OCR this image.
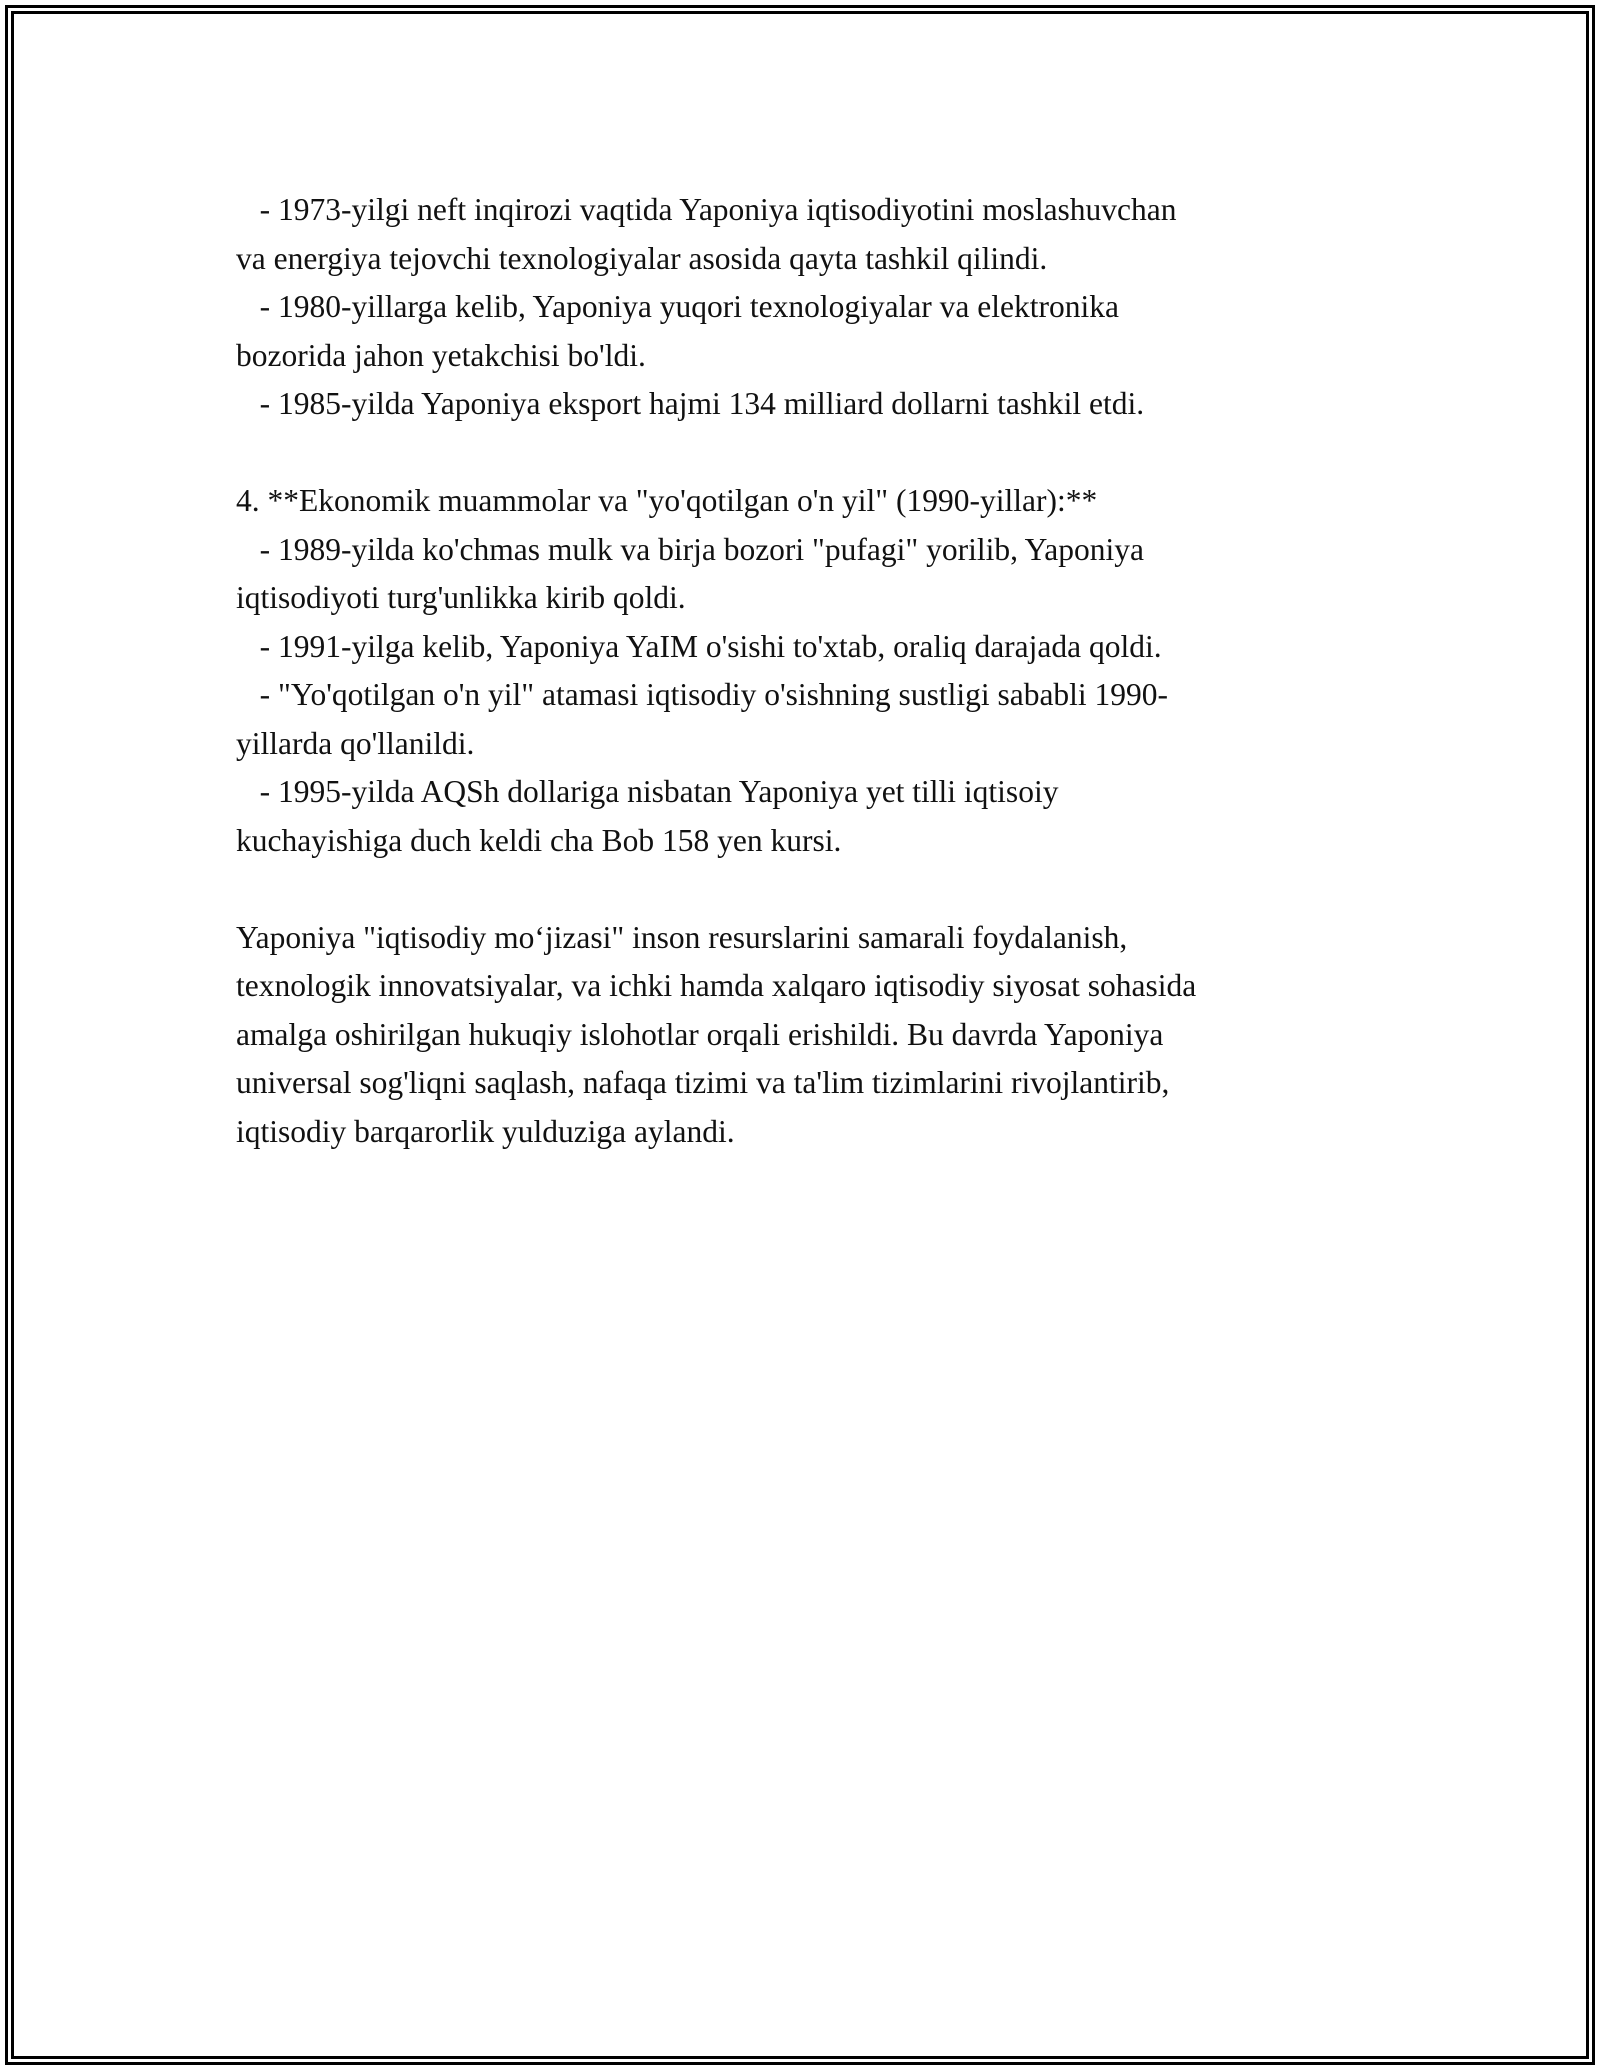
- 1973-yilgi neft inqirozi vaqtida Yaponiya iqtisodiyotini moslashuvchan
va energiya tejovchi texnologiyalar asosida qayta tashkil qilindi.
- 1980-yillarga kelib, Yaponiya yuqori texnologiyalar va elektronika
bozorida jahon yetakchisi bo'ldi.
- 1985-yilda Yaponiya eksport hajmi 134 milliard dollarni tashkil etdi.
4. **Ekonomik muammolar va "yo'qotilgan o'n yil" (1990-yillar):**
- 1989-yilda ko'chmas mulk va birja bozori "pufagi" yorilib, Yaponiya
iqtisodiyoti turg'unlikka kirib qoldi.
- 1991-yilga kelib, Yaponiya YaIM o'sishi to'xtab, oraliq darajada qoldi.
- "Yo'qotilgan o'n yil" atamasi iqtisodiy o'sishning sustligi sababli 1990-
yillarda qo'llanildi.
- 1995-yilda AQSh dollariga nisbatan Yaponiya yet tilli iqtisoiy
kuchayishiga duch keldi cha Bob 158 yen kursi.
Yaponiya "iqtisodiy mo‘jizasi" inson resurslarini samarali foydalanish,
texnologik innovatsiyalar, va ichki hamda xalqaro iqtisodiy siyosat sohasida
amalga oshirilgan hukuqiy islohotlar orqali erishildi. Bu davrda Yaponiya
universal sog'liqni saqlash, nafaqa tizimi va ta'lim tizimlarini rivojlantirib,
iqtisodiy barqarorlik yulduziga aylandi.
